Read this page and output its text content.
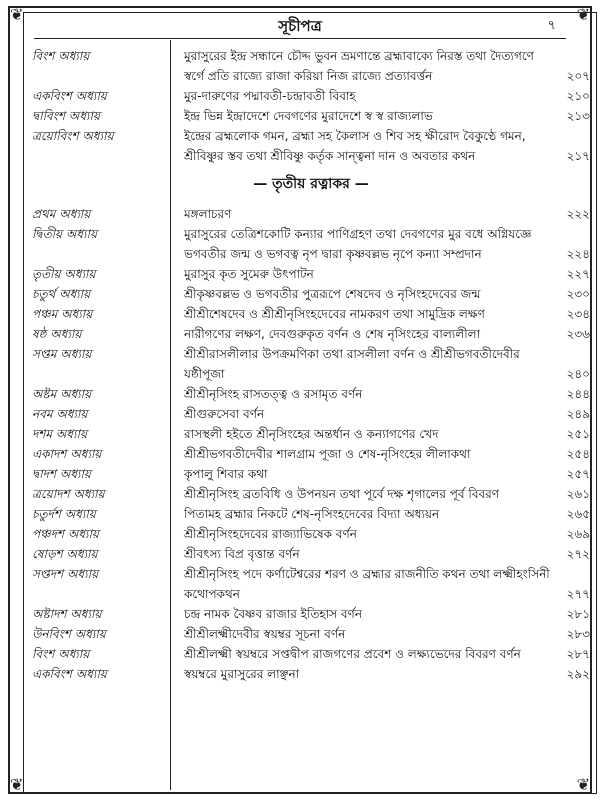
❦	❦
❦	❦
সূচীপত্র	৭
বিংশ অধ্যায়	মুরাসুরের ইন্দ্র সন্ধানে চৌদ্দ ভুবন ভ্রমণান্তে ব্রহ্মাবাক্যে নিরস্ত তথা দৈত্যগণে স্বর্গে প্রতি রাজ্যে রাজা করিয়া নিজ রাজ্যে প্রত্যাবর্ত্তন	২০৭
একবিংশ অধ্যায়	মুর-দারুণের পদ্মাবতী-চন্দ্রাবতী বিবাহ	২১০
দ্বাবিংশ অধ্যায়	ইন্দ্র ভিন্ন ইন্দ্রাদেশে দেবগণের মুরাদেশে স্ব স্ব রাজ্যলাভ	২১৩
ত্রয়োবিংশ অধ্যায়	ইন্দ্রের ব্রহ্মলোক গমন, ব্রহ্মা সহ কৈলাস ও শিব সহ ক্ষীরোদ বৈকুণ্ঠে গমন, শ্রীবিষ্ণুর স্তব তথা শ্রীবিষ্ণু কর্তৃক সান্ত্বনা দান ও অবতার কথন	২১৭
— তৃতীয় রত্নাকর —
প্রথম অধ্যায়	মঙ্গলাচরণ	২২২
দ্বিতীয় অধ্যায়	মুরাসুরের তেত্রিশকোটি কন্যার পাণিগ্রহণ তথা দেবগণের মুর বধে অগ্নিযজ্ঞে ভগবতীর জন্ম ও ভগবত্ব নৃপ দ্বারা কৃষ্ণবল্লভ নৃপে কন্যা সম্প্রদান	২২৪
তৃতীয় অধ্যায়	মুরাসুর কৃত সুমেরু উৎপাটন	২২৭
চতুর্থ অধ্যায়	শ্রীকৃষ্ণবল্লভ ও ভগবতীর পুত্ররূপে শেষদেব ও নৃসিংহদেবের জন্ম	২৩০
পঞ্চম অধ্যায়	শ্রীশ্রীশেষদেব ও শ্রীশ্রীনৃসিংহদেবের নামকরণ তথা সামুদ্রিক লক্ষণ	২৩৪
ষষ্ঠ অধ্যায়	নারীগণের লক্ষণ, দেবগুরুকৃত বর্ণন ও শেষ নৃসিংহের বাল্যলীলা	২৩৬
সপ্তম অধ্যায়	শ্রীশ্রীরাসলীলার উপক্রমণিকা তথা রাসলীলা বর্ণন ও শ্রীশ্রীভগবতীদেবীর যষ্ঠীপূজা	২৪০
অষ্টম অধ্যায়	শ্রীশ্রীনৃসিংহ রাসতত্ত্ব ও রসামৃত বর্ণন	২৪৪
নবম অধ্যায়	শ্রীগুরুসেবা বর্ণন	২৪৯
দশম অধ্যায়	রাসস্থলী হইতে শ্রীনৃসিংহের অন্তর্ধান ও কন্যাগণের খেদ	২৫১
একাদশ অধ্যায়	শ্রীশ্রীভগবতীদেবীর শালগ্রাম পূজা ও শেষ-নৃসিংহের লীলাকথা	২৫৪
দ্বাদশ অধ্যায়	কৃপালু শিবার কথা	২৫৭
ত্রয়োদশ অধ্যায়	শ্রীশ্রীনৃসিংহ ব্রতবিধি ও উপনয়ন তথা পূর্বে দক্ষ শৃগালের পূর্ব বিবরণ	২৬১
চতুর্দশ অধ্যায়	পিতামহ ব্রহ্মার নিকটে শেষ-নৃসিংহদেবের বিদ্যা অধ্যয়ন	২৬৫
পঞ্চদশ অধ্যায়	শ্রীশ্রীনৃসিংহদেবের রাজ্যাভিষেক বর্ণন	২৬৯
ষোড়শ অধ্যায়	শ্রীবৎস্য বিপ্র বৃত্তান্ত বর্ণন	২৭২
সপ্তদশ অধ্যায়	শ্রীশ্রীনৃসিংহ পদে কর্ণাটেশ্বরের শরণ ও ব্রহ্মার রাজনীতি কথন তথা লক্ষ্মীহংসিনী কথোপকথন	২৭৭
অষ্টাদশ অধ্যায়	চন্দ্র নামক বৈষ্ণব রাজার ইতিহাস বর্ণন	২৮১
উনবিংশ অধ্যায়	শ্রীশ্রীলক্ষ্মীদেবীর স্বয়ম্বর সূচনা বর্ণন	২৮৩
বিংশ অধ্যায়	শ্রীশ্রীলক্ষ্মী স্বয়ম্বরে সপ্তদ্বীপ রাজগণের প্রবেশ ও লক্ষ্যভেদের বিবরণ বর্ণন	২৮৭
একবিংশ অধ্যায়	স্বয়ম্বরে মুরাসুরের লাঞ্ছনা	২৯২
